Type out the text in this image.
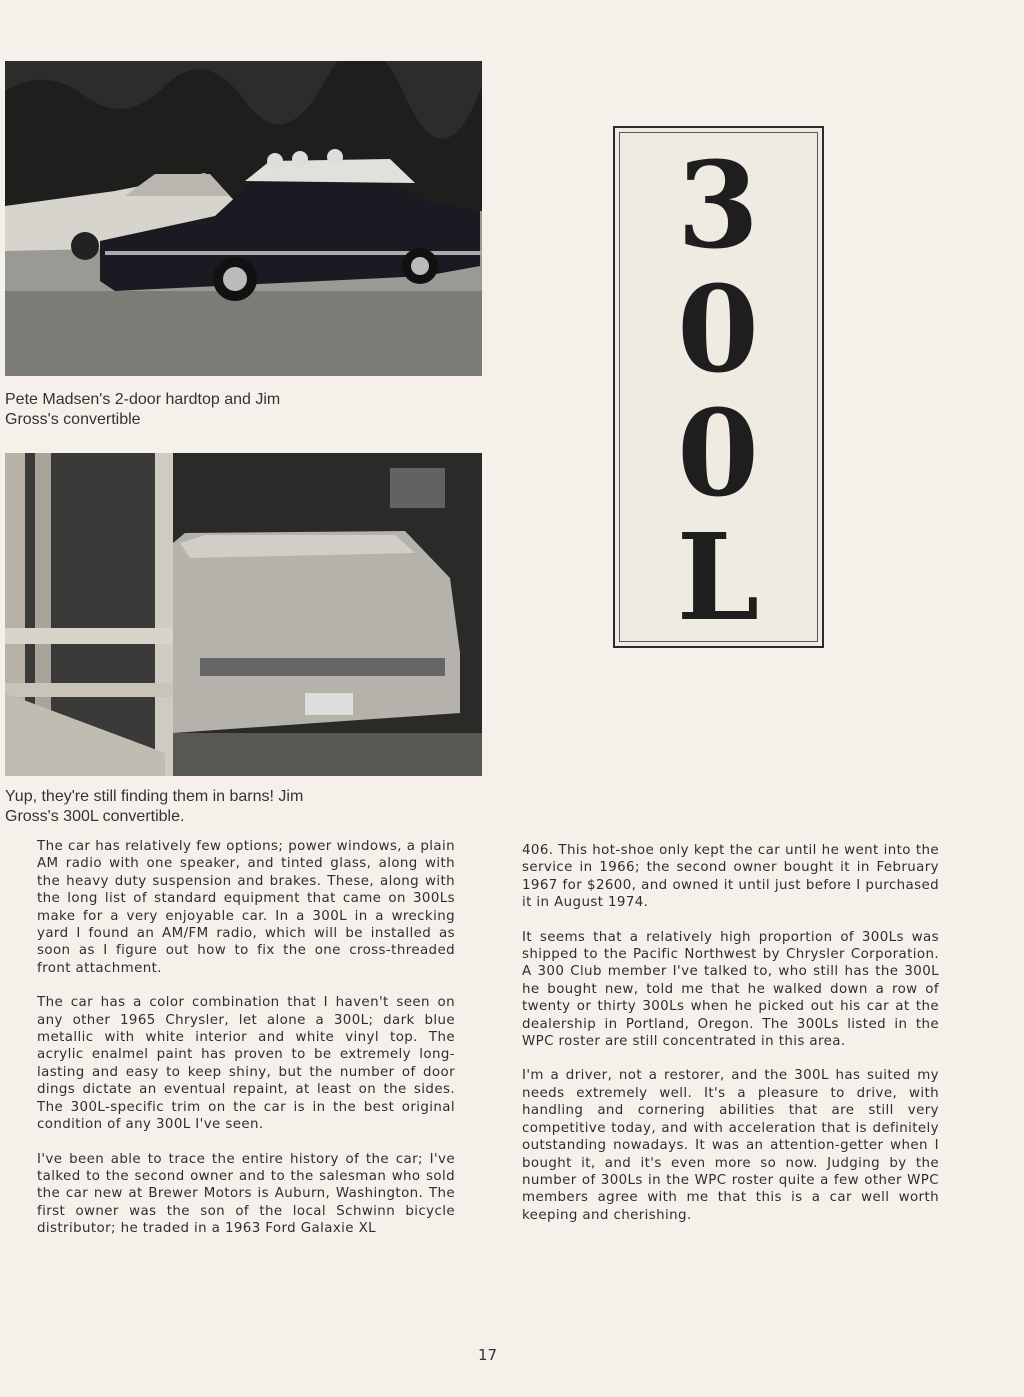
Pete Madsen's 2-door hardtop and Jim Gross's convertible

Yup, they're still finding them in barns! Jim Gross's 300L convertible.

3
0
0
L

The car has relatively few options; power windows, a plain AM radio with one speaker, and tinted glass, along with the heavy duty suspension and brakes. These, along with the long list of standard equipment that came on 300Ls make for a very enjoyable car. In a 300L in a wrecking yard I found an AM/FM radio, which will be installed as soon as I figure out how to fix the one cross-threaded front attachment.

The car has a color combination that I haven't seen on any other 1965 Chrysler, let alone a 300L; dark blue metallic with white interior and white vinyl top. The acrylic enalmel paint has proven to be extremely long-lasting and easy to keep shiny, but the number of door dings dictate an eventual repaint, at least on the sides. The 300L-specific trim on the car is in the best original condition of any 300L I've seen.

I've been able to trace the entire history of the car; I've talked to the second owner and to the salesman who sold the car new at Brewer Motors is Auburn, Washington. The first owner was the son of the local Schwinn bicycle distributor; he traded in a 1963 Ford Galaxie XL

406. This hot-shoe only kept the car until he went into the service in 1966; the second owner bought it in February 1967 for $2600, and owned it until just before I purchased it in August 1974.

It seems that a relatively high proportion of 300Ls was shipped to the Pacific Northwest by Chrysler Corporation. A 300 Club member I've talked to, who still has the 300L he bought new, told me that he walked down a row of twenty or thirty 300Ls when he picked out his car at the dealership in Portland, Oregon. The 300Ls listed in the WPC roster are still concentrated in this area.

I'm a driver, not a restorer, and the 300L has suited my needs extremely well. It's a pleasure to drive, with handling and cornering abilities that are still very competitive today, and with acceleration that is definitely outstanding nowadays. It was an attention-getter when I bought it, and it's even more so now. Judging by the number of 300Ls in the WPC roster quite a few other WPC members agree with me that this is a car well worth keeping and cherishing.

17
